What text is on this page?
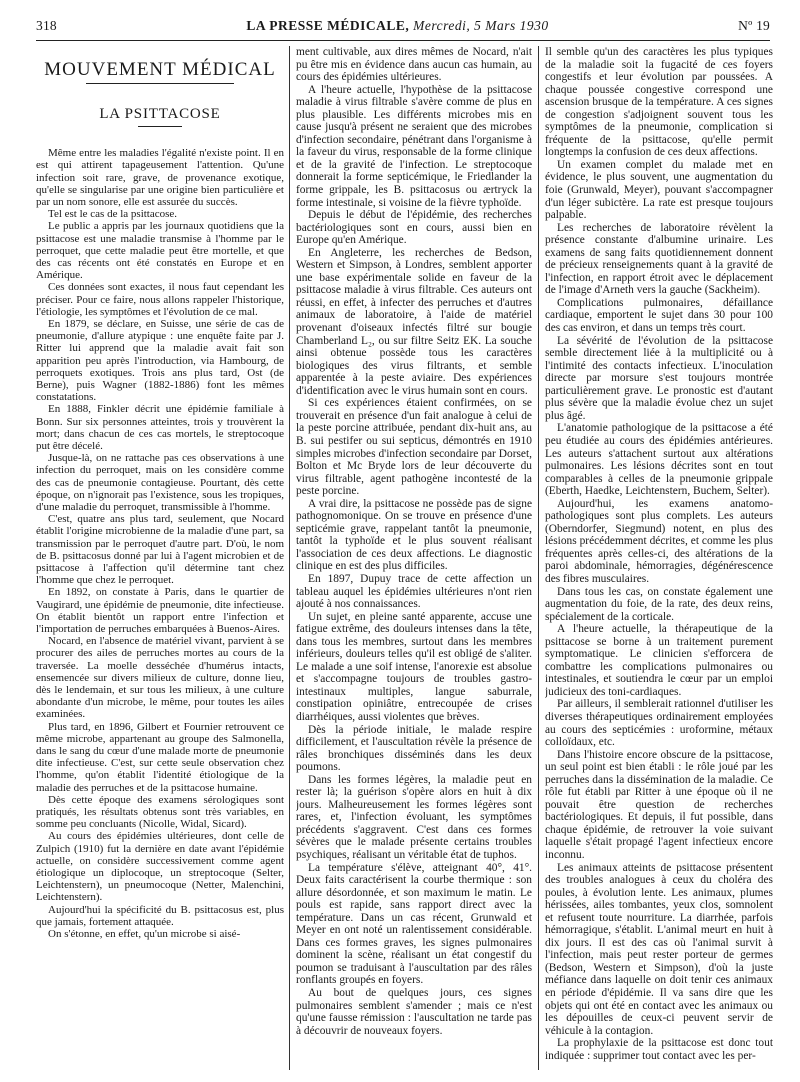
318	LA PRESSE MÉDICALE, Mercredi, 5 Mars 1930	Nº 19
MOUVEMENT MÉDICAL
LA PSITTACOSE

Même entre les maladies l'égalité n'existe point. Il en est qui attirent tapageusement l'attention. Qu'une infection soit rare, grave, de provenance exotique, qu'elle se singularise par une origine bien particulière et par un nom sonore, elle est assurée du succès.

Tel est le cas de la psittacose.

Le public a appris par les journaux quotidiens que la psittacose est une maladie transmise à l'homme par le perroquet, que cette maladie peut être mortelle, et que des cas récents ont été constatés en Europe et en Amérique.

Ces données sont exactes, il nous faut cependant les préciser. Pour ce faire, nous allons rappeler l'historique, l'étiologie, les symptômes et l'évolution de ce mal.

En 1879, se déclare, en Suisse, une série de cas de pneumonie, d'allure atypique : une enquête faite par J. Ritter lui apprend que la maladie avait fait son apparition peu après l'introduction, via Hambourg, de perroquets exotiques. Trois ans plus tard, Ost (de Berne), puis Wagner (1882-1886) font les mêmes constatations.

En 1888, Finkler décrit une épidémie familiale à Bonn. Sur six personnes atteintes, trois y trouvèrent la mort; dans chacun de ces cas mortels, le streptocoque put être décelé.

Jusque-là, on ne rattache pas ces observations à une infection du perroquet, mais on les considère comme des cas de pneumonie contagieuse. Pourtant, dès cette époque, on n'ignorait pas l'existence, sous les tropiques, d'une maladie du perroquet, transmissible à l'homme.

C'est, quatre ans plus tard, seulement, que Nocard établit l'origine microbienne de la maladie d'une part, sa transmission par le perroquet d'autre part. D'où, le nom de B. psittacosus donné par lui à l'agent microbien et de psittacose à l'affection qu'il détermine tant chez l'homme que chez le perroquet.

En 1892, on constate à Paris, dans le quartier de Vaugirard, une épidémie de pneumonie, dite infectieuse. On établit bientôt un rapport entre l'infection et l'importation de perruches embarquées à Buenos-Aires.

Nocard, en l'absence de matériel vivant, parvient à se procurer des ailes de perruches mortes au cours de la traversée. La moelle desséchée d'humérus intacts, ensemencée sur divers milieux de culture, donne lieu, dès le lendemain, et sur tous les milieux, à une culture abondante d'un microbe, le même, pour toutes les ailes examinées.

Plus tard, en 1896, Gilbert et Fournier retrouvent ce même microbe, appartenant au groupe des Salmonella, dans le sang du cœur d'une malade morte de pneumonie dite infectieuse. C'est, sur cette seule observation chez l'homme, qu'on établit l'identité étiologique de la maladie des perruches et de la psittacose humaine.

Dès cette époque des examens sérologiques sont pratiqués, les résultats obtenus sont très variables, en somme peu concluants (Nicolle, Widal, Sicard).

Au cours des épidémies ultérieures, dont celle de Zulpich (1910) fut la dernière en date avant l'épidémie actuelle, on considère successivement comme agent étiologique un diplocoque, un streptocoque (Selter, Leichtenstern), un pneumocoque (Netter, Malenchini, Leichtenstern).

Aujourd'hui la spécificité du B. psittacosus est, plus que jamais, fortement attaquée.

On s'étonne, en effet, qu'un microbe si aisé-

ment cultivable, aux dires mêmes de Nocard, n'ait pu être mis en évidence dans aucun cas humain, au cours des épidémies ultérieures.

A l'heure actuelle, l'hypothèse de la psittacose maladie à virus filtrable s'avère comme de plus en plus plausible. Les différents microbes mis en cause jusqu'à présent ne seraient que des microbes d'infection secondaire, pénétrant dans l'organisme à la faveur du virus, responsable de la forme clinique et de la gravité de l'infection. Le streptocoque donnerait la forme septicémique, le Friedlander la forme grippale, les B. psittacosus ou ærtryck la forme intestinale, si voisine de la fièvre typhoïde.

Depuis le début de l'épidémie, des recherches bactériologiques sont en cours, aussi bien en Europe qu'en Amérique.

En Angleterre, les recherches de Bedson, Western et Simpson, à Londres, semblent apporter une base expérimentale solide en faveur de la psittacose maladie à virus filtrable. Ces auteurs ont réussi, en effet, à infecter des perruches et d'autres animaux de laboratoire, à l'aide de matériel provenant d'oiseaux infectés filtré sur bougie Chamberland L₂, ou sur filtre Seitz EK. La souche ainsi obtenue possède tous les caractères biologiques des virus filtrants, et semble apparentée à la peste aviaire. Des expériences d'identification avec le virus humain sont en cours.

Si ces expériences étaient confirmées, on se trouverait en présence d'un fait analogue à celui de la peste porcine attribuée, pendant dix-huit ans, au B. sui pestifer ou sui septicus, démontrés en 1910 simples microbes d'infection secondaire par Dorset, Bolton et Mc Bryde lors de leur découverte du virus filtrable, agent pathogène incontesté de la peste porcine.

A vrai dire, la psittacose ne possède pas de signe pathognomonique. On se trouve en présence d'une septicémie grave, rappelant tantôt la pneumonie, tantôt la typhoïde et le plus souvent réalisant l'association de ces deux affections. Le diagnostic clinique en est des plus difficiles.

En 1897, Dupuy trace de cette affection un tableau auquel les épidémies ultérieures n'ont rien ajouté à nos connaissances.

Un sujet, en pleine santé apparente, accuse une fatigue extrême, des douleurs intenses dans la tête, dans tous les membres, surtout dans les membres inférieurs, douleurs telles qu'il est obligé de s'aliter. Le malade a une soif intense, l'anorexie est absolue et s'accompagne toujours de troubles gastro-intestinaux multiples, langue saburrale, constipation opiniâtre, entrecoupée de crises diarrhéiques, aussi violentes que brèves.

Dès la période initiale, le malade respire difficilement, et l'auscultation révèle la présence de râles bronchiques disséminés dans les deux poumons.

Dans les formes légères, la maladie peut en rester là; la guérison s'opère alors en huit à dix jours. Malheureusement les formes légères sont rares, et, l'infection évoluant, les symptômes précédents s'aggravent. C'est dans ces formes sévères que le malade présente certains troubles psychiques, réalisant un véritable état de tuphos.

La température s'élève, atteignant 40°, 41°. Deux faits caractérisent la courbe thermique : son allure désordonnée, et son maximum le matin. Le pouls est rapide, sans rapport direct avec la température. Dans un cas récent, Grunwald et Meyer en ont noté un ralentissement considérable. Dans ces formes graves, les signes pulmonaires dominent la scène, réalisant un état congestif du poumon se traduisant à l'auscultation par des râles ronflants groupés en foyers.

Au bout de quelques jours, ces signes pulmonaires semblent s'amender ; mais ce n'est qu'une fausse rémission : l'auscultation ne tarde pas à découvrir de nouveaux foyers.

Il semble qu'un des caractères les plus typiques de la maladie soit la fugacité de ces foyers congestifs et leur évolution par poussées. A chaque poussée congestive correspond une ascension brusque de la température. A ces signes de congestion s'adjoignent souvent tous les symptômes de la pneumonie, complication si fréquente de la psittacose, qu'elle permit longtemps la confusion de ces deux affections.

Un examen complet du malade met en évidence, le plus souvent, une augmentation du foie (Grunwald, Meyer), pouvant s'accompagner d'un léger subictère. La rate est presque toujours palpable.

Les recherches de laboratoire révèlent la présence constante d'albumine urinaire. Les examens de sang faits quotidiennement donnent de précieux renseignements quant à la gravité de l'infection, en rapport étroit avec le déplacement de l'image d'Arneth vers la gauche (Sackheim).

Complications pulmonaires, défaillance cardiaque, emportent le sujet dans 30 pour 100 des cas environ, et dans un temps très court.

La sévérité de l'évolution de la psittacose semble directement liée à la multiplicité ou à l'intimité des contacts infectieux. L'inoculation directe par morsure s'est toujours montrée particulièrement grave. Le pronostic est d'autant plus sévère que la maladie évolue chez un sujet plus âgé.

L'anatomie pathologique de la psittacose a été peu étudiée au cours des épidémies antérieures. Les auteurs s'attachent surtout aux altérations pulmonaires. Les lésions décrites sont en tout comparables à celles de la pneumonie grippale (Eberth, Haedke, Leichtenstern, Buchem, Selter).

Aujourd'hui, les examens anatomo-pathologiques sont plus complets. Les auteurs (Oberndorfer, Siegmund) notent, en plus des lésions précédemment décrites, et comme les plus fréquentes après celles-ci, des altérations de la paroi abdominale, hémorragies, dégénérescence des fibres musculaires.

Dans tous les cas, on constate également une augmentation du foie, de la rate, des deux reins, spécialement de la corticale.

A l'heure actuelle, la thérapeutique de la psittacose se borne à un traitement purement symptomatique. Le clinicien s'efforcera de combattre les complications pulmonaires ou intestinales, et soutiendra le cœur par un emploi judicieux des toni-cardiaques.

Par ailleurs, il semblerait rationnel d'utiliser les diverses thérapeutiques ordinairement employées au cours des septicémies : uroformine, métaux colloïdaux, etc.

Dans l'histoire encore obscure de la psittacose, un seul point est bien établi : le rôle joué par les perruches dans la dissémination de la maladie. Ce rôle fut établi par Ritter à une époque où il ne pouvait être question de recherches bactériologiques. Et depuis, il fut possible, dans chaque épidémie, de retrouver la voie suivant laquelle s'était propagé l'agent infectieux encore inconnu.

Les animaux atteints de psittacose présentent des troubles analogues à ceux du choléra des poules, à évolution lente. Les animaux, plumes hérissées, ailes tombantes, yeux clos, somnolent et refusent toute nourriture. La diarrhée, parfois hémorragique, s'établit. L'animal meurt en huit à dix jours. Il est des cas où l'animal survit à l'infection, mais peut rester porteur de germes (Bedson, Western et Simpson), d'où la juste méfiance dans laquelle on doit tenir ces animaux en période d'épidémie. Il va sans dire que les objets qui ont été en contact avec les animaux ou les dépouilles de ceux-ci peuvent servir de véhicule à la contagion.

La prophylaxie de la psittacose est donc tout indiquée : supprimer tout contact avec les per-
